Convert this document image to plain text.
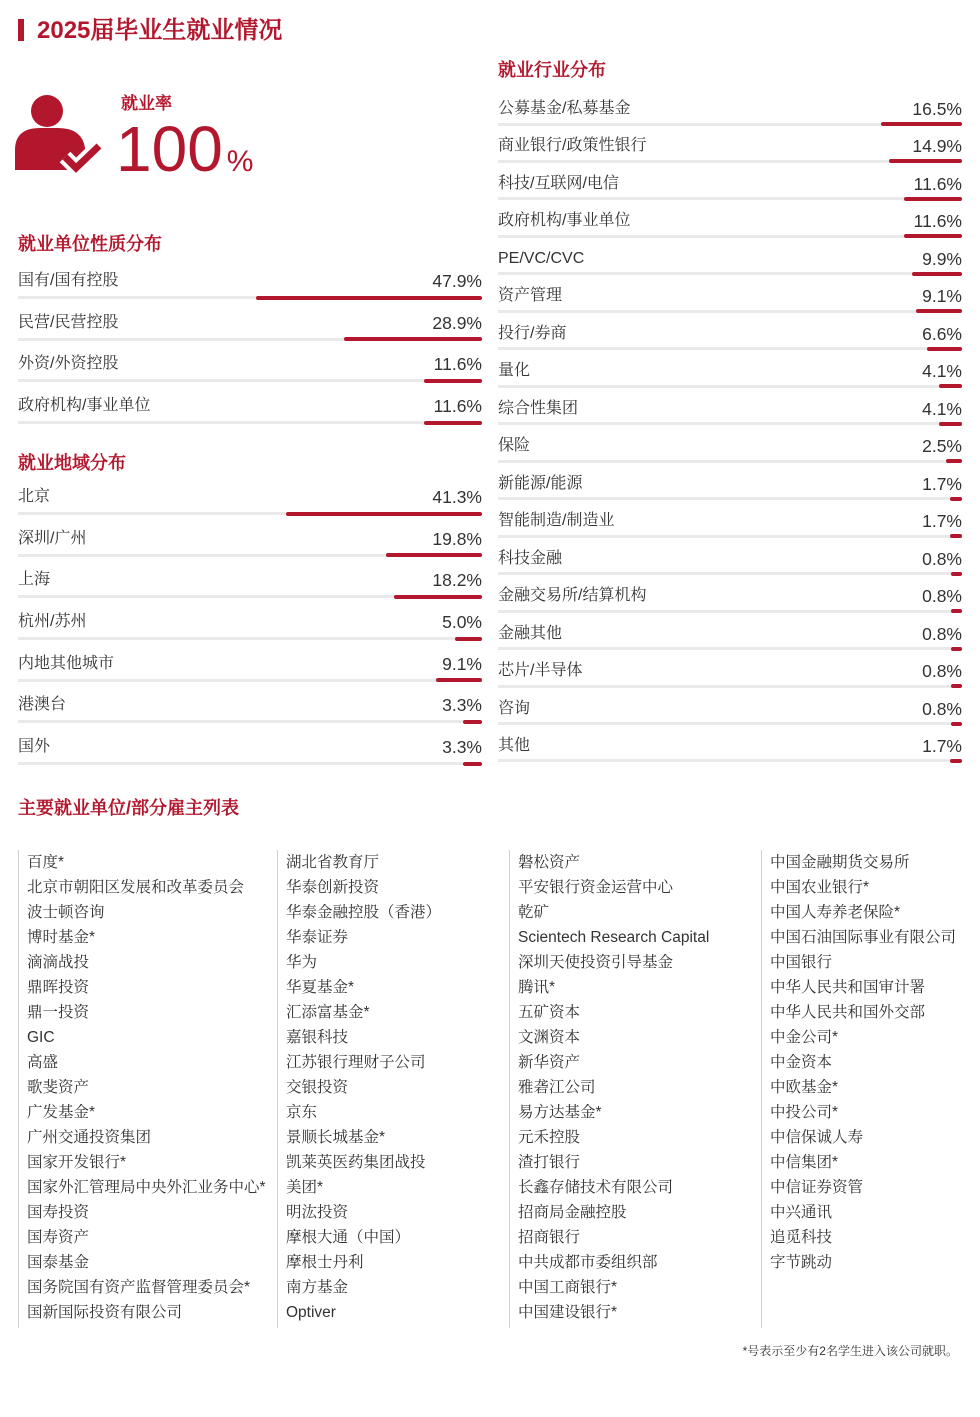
2025届毕业生就业情况
就业率
100 %
就业单位性质分布
就业地域分布
就业行业分布
主要就业单位/部分雇主列表
国有/国有控股	47.9%
民营/民营控股	28.9%
外资/外资控股	11.6%
政府机构/事业单位	11.6%
北京	41.3%
深圳/广州	19.8%
上海	18.2%
杭州/苏州	5.0%
内地其他城市	9.1%
港澳台	3.3%
国外	3.3%
公募基金/私募基金	16.5%
商业银行/政策性银行	14.9%
科技/互联网/电信	11.6%
政府机构/事业单位	11.6%
PE/VC/CVC	9.9%
资产管理	9.1%
投行/券商	6.6%
量化	4.1%
综合性集团	4.1%
保险	2.5%
新能源/能源	1.7%
智能制造/制造业	1.7%
科技金融	0.8%
金融交易所/结算机构	0.8%
金融其他	0.8%
芯片/半导体	0.8%
咨询	0.8%
其他	1.7%
百度*
北京市朝阳区发展和改革委员会
波士顿咨询
博时基金*
滴滴战投
鼎晖投资
鼎一投资
GIC
高盛
歌斐资产
广发基金*
广州交通投资集团
国家开发银行*
国家外汇管理局中央外汇业务中心*
国寿投资
国寿资产
国泰基金
国务院国有资产监督管理委员会*
国新国际投资有限公司
湖北省教育厅
华泰创新投资
华泰金融控股（香港）
华泰证券
华为
华夏基金*
汇添富基金*
嘉银科技
江苏银行理财子公司
交银投资
京东
景顺长城基金*
凯莱英医药集团战投
美团*
明汯投资
摩根大通（中国）
摩根士丹利
南方基金
Optiver
磐松资产
平安银行资金运营中心
乾矿
Scientech Research Capital
深圳天使投资引导基金
腾讯*
五矿资本
文渊资本
新华资产
雅砻江公司
易方达基金*
元禾控股
渣打银行
长鑫存储技术有限公司
招商局金融控股
招商银行
中共成都市委组织部
中国工商银行*
中国建设银行*
中国金融期货交易所
中国农业银行*
中国人寿养老保险*
中国石油国际事业有限公司
中国银行
中华人民共和国审计署
中华人民共和国外交部
中金公司*
中金资本
中欧基金*
中投公司*
中信保诚人寿
中信集团*
中信证券资管
中兴通讯
追觅科技
字节跳动
*号表示至少有2名学生进入该公司就职。
